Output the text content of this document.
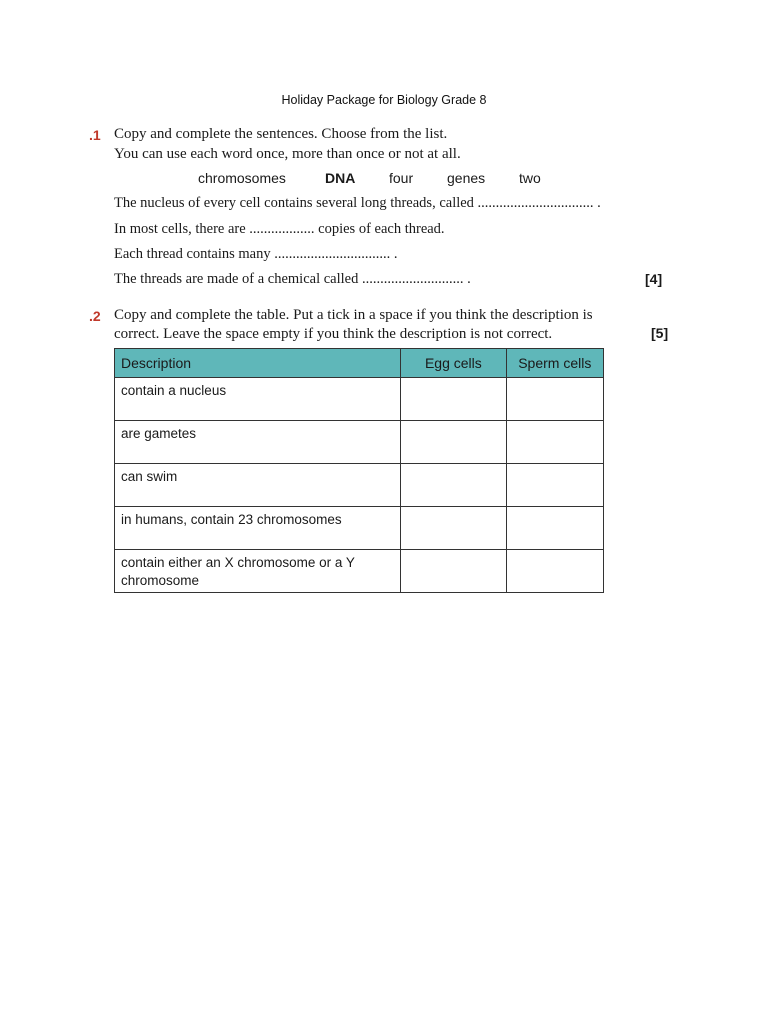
Holiday Package for Biology Grade 8
.1 Copy and complete the sentences. Choose from the list.
You can use each word once, more than once or not at all.
chromosomes	DNA four genes two
The nucleus of every cell contains several long threads, called ................................ .
In most cells, there are .................. copies of each thread.
Each thread contains many ................................ .
The threads are made of a chemical called ............................ .	[4]
.2 Copy and complete the table. Put a tick in a space if you think the description is
correct. Leave the space empty if you think the description is not correct.	[5]
Description	Egg cells	Sperm cells
contain a nucleus		
are gametes		
can swim		
in humans, contain 23 chromosomes		
contain either an X chromosome or a Y chromosome		
